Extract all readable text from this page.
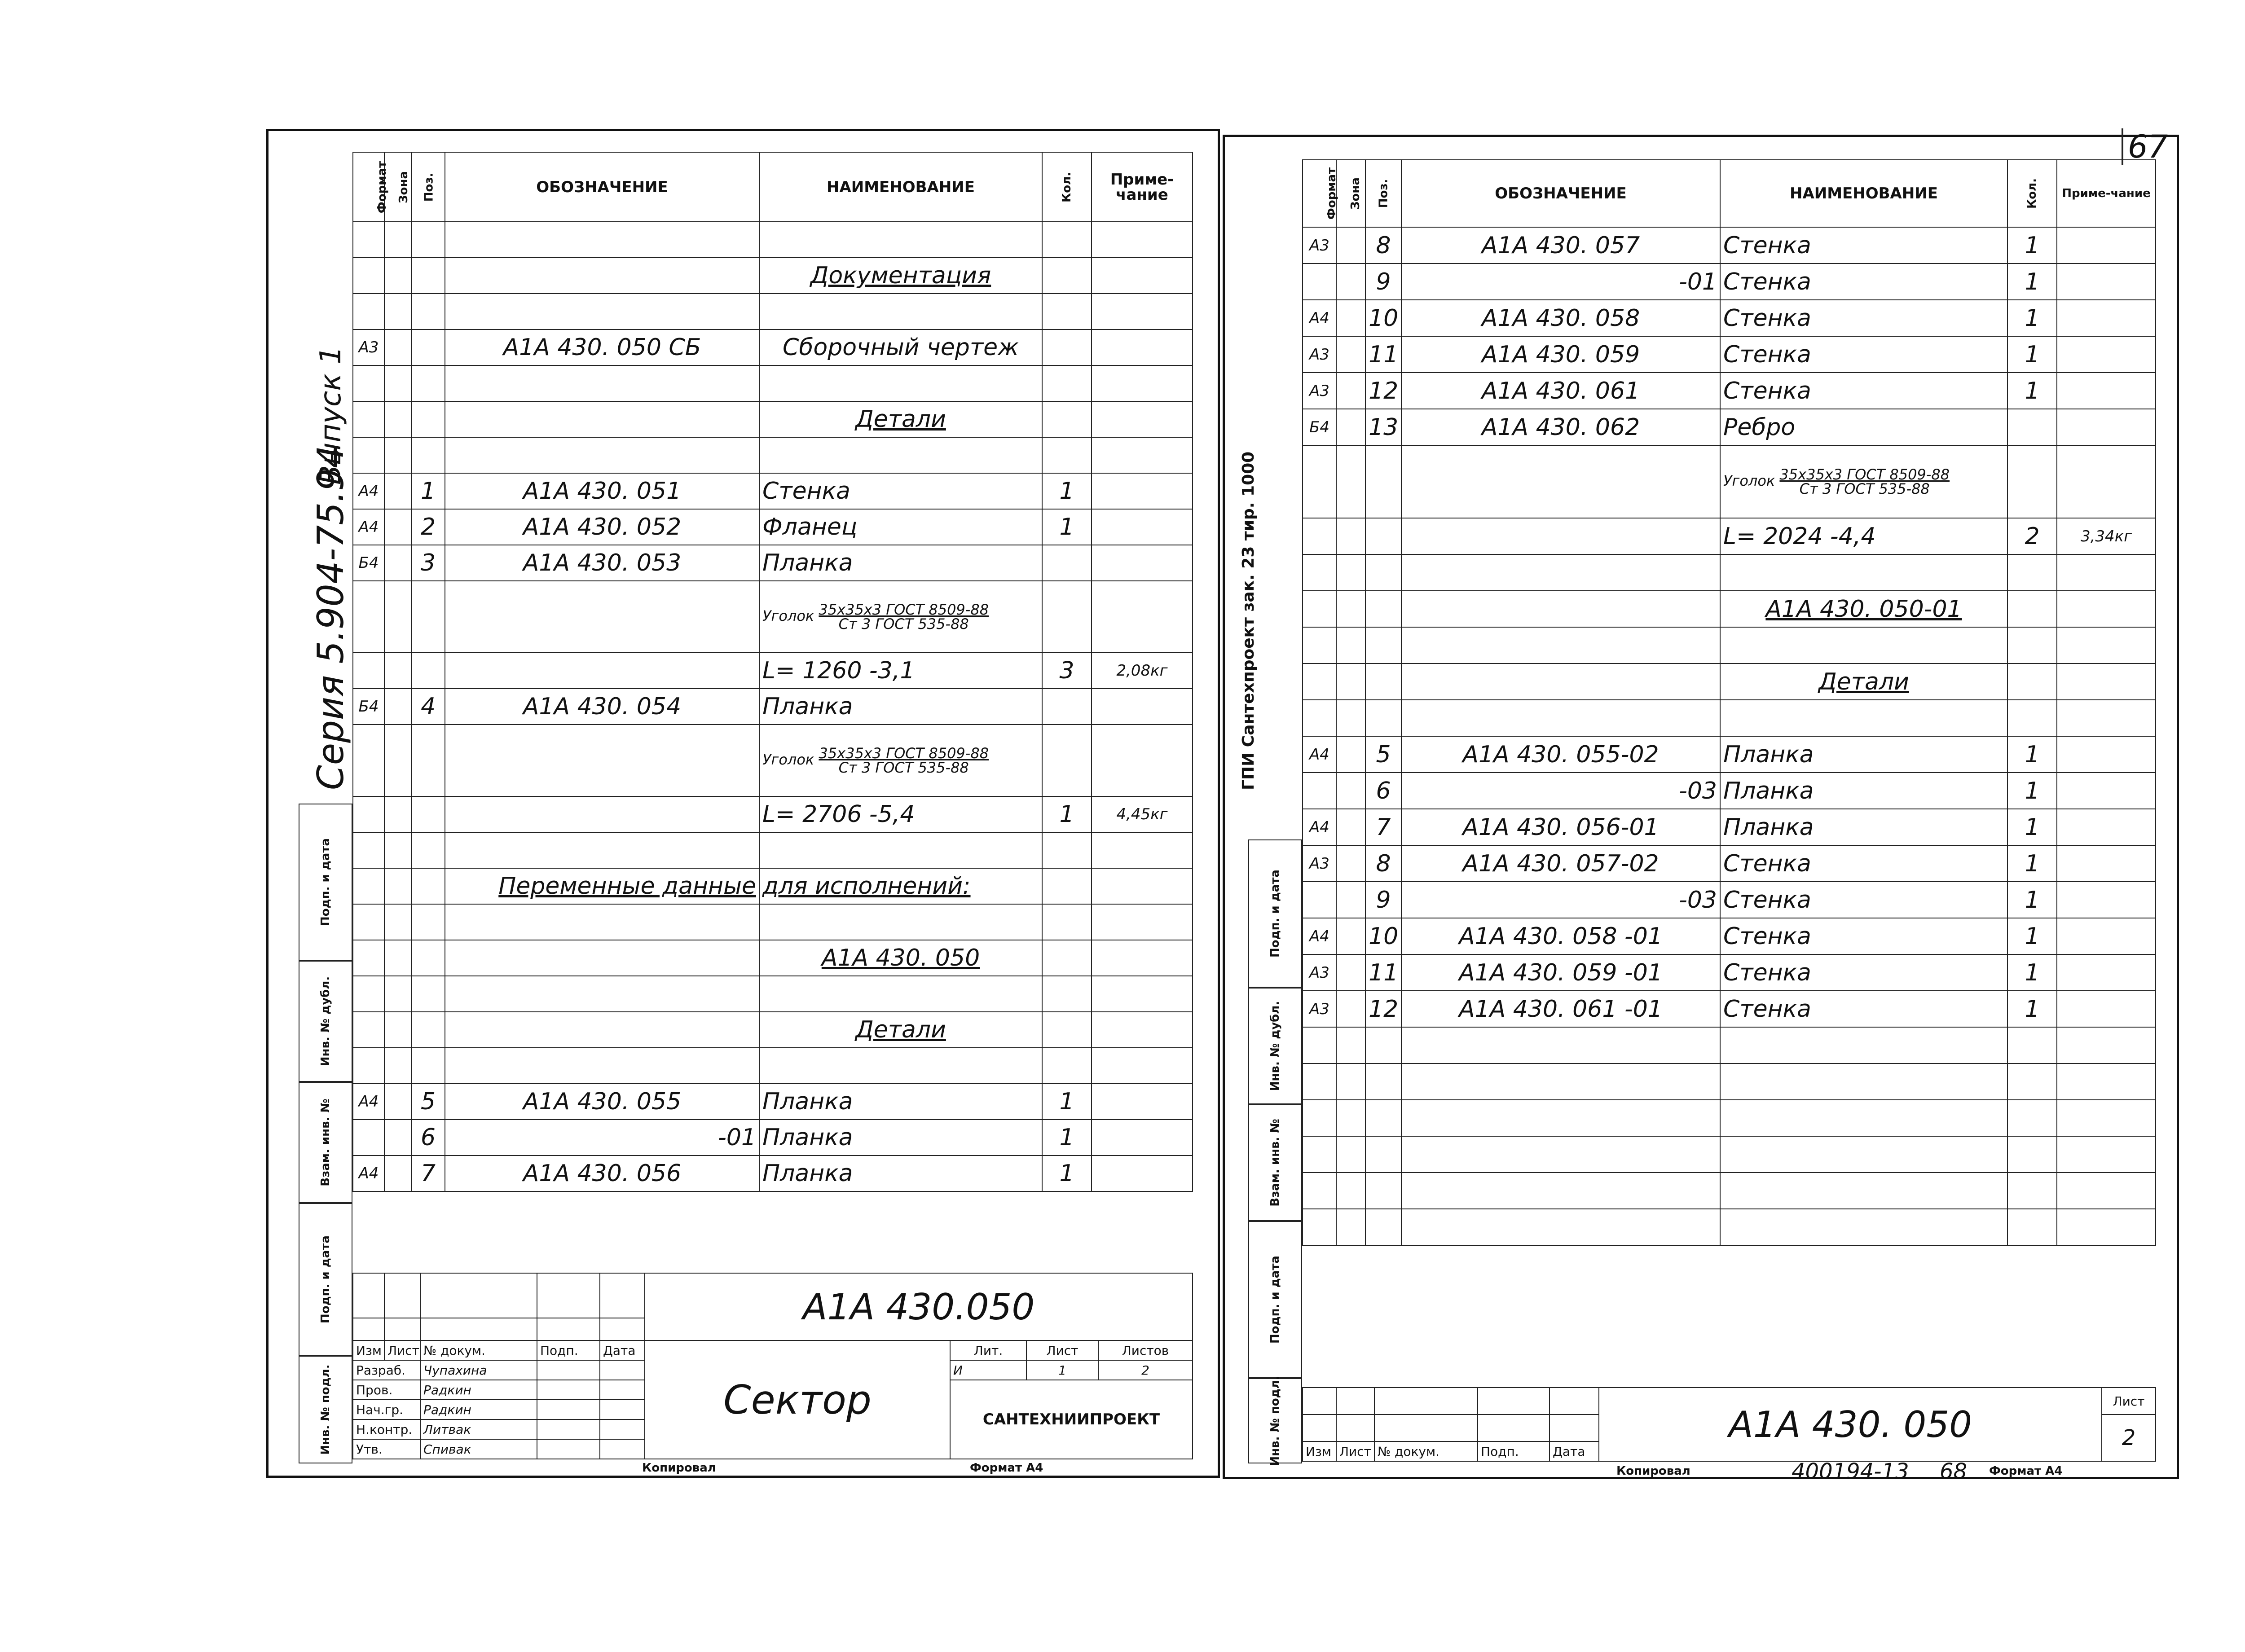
Серия 5.904-75.94
Выпуск 1
Подп. и дата
Инв. № дубл.
Взам. инв. №
Подп. и дата
Инв. № подл.
Формат	Зона	Поз.	ОБОЗНАЧЕНИЕ	НАИМЕНОВАНИЕ	Кол.	Приме-чание

				Документация		

А3			А1А 430. 050 СБ	Сборочный чертеж		

				Детали		

А4		1	А1А 430. 051	Стенка	1	
А4		2	А1А 430. 052	Фланец	1	
Б4		3	А1А 430. 053	Планка		
				Уголок 35х35х3 ГОСТ 8509-88
Ст 3 ГОСТ 535-88		

				L= 1260 -3,1	3	2,08кг
Б4		4	А1А 430. 054	Планка		
				Уголок 35х35х3 ГОСТ 8509-88
Ст 3 ГОСТ 535-88		

				L= 2706 -5,4	1	4,45кг

			Переменные данные	для исполнений:		

				А1А 430. 050		

				Детали		

А4		5	А1А 430. 055	Планка	1	
		6	-01	Планка	1	
А4		7	А1А 430. 056	Планка	1	
					А1А 430.050			

Изм	Лист	№ докум.	Подп.	Дата	Сектор	Лит.	Лист	Листов
Разраб.		Чупахина				И	1	2
Пров.		Радкин				САНТЕХНИИПРОЕКТ		
Нач.гр.		Радкин						
Н.контр.		Литвак						
Утв.		Спивак						
Копировал	Формат А4
67
ГПИ Сантехпроект зак. 23 тир. 1000
Подп. и дата
Инв. № дубл.
Взам. инв. №
Подп. и дата
Инв. № подл.
Формат	Зона	Поз.	ОБОЗНАЧЕНИЕ	НАИМЕНОВАНИЕ	Кол.	Приме-чание
А3		8	А1А 430. 057	Стенка	1	
		9	-01	Стенка	1	
А4		10	А1А 430. 058	Стенка	1	
А3		11	А1А 430. 059	Стенка	1	
А3		12	А1А 430. 061	Стенка	1	
Б4		13	А1А 430. 062	Ребро		
				Уголок 35х35х3 ГОСТ 8509-88
Ст 3 ГОСТ 535-88		

				L= 2024 -4,4	2	3,34кг

				А1А 430. 050-01		

				Детали		

А4		5	А1А 430. 055-02	Планка	1	
		6	-03	Планка	1	
А4		7	А1А 430. 056-01	Планка	1	
А3		8	А1А 430. 057-02	Стенка	1	
		9	-03	Стенка	1	
А4		10	А1А 430. 058 -01	Стенка	1	
А3		11	А1А 430. 059 -01	Стенка	1	
А3		12	А1А 430. 061 -01	Стенка	1	

					А1А 430. 050	Лист
						2
Изм	Лист	№ докум.	Подп.	Дата		
Копировал	400194-13 68 Формат А4
